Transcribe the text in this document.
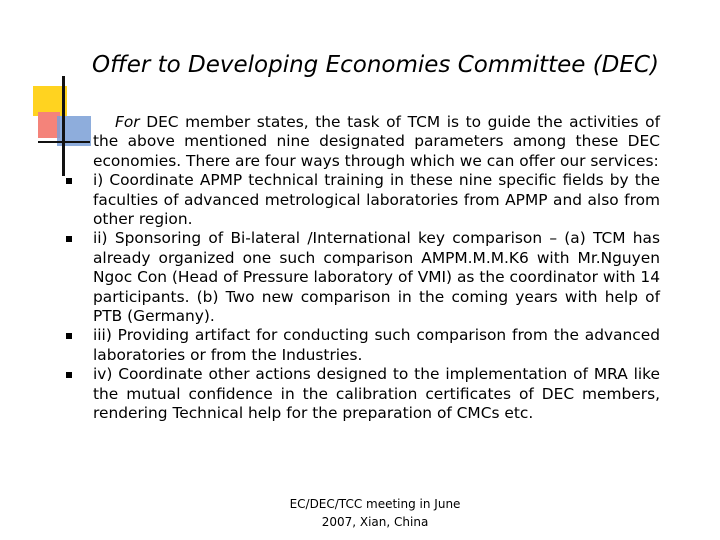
Offer to Developing Economies Committee (DEC)

For DEC member states, the task of TCM is to guide the activities of the above mentioned nine designated parameters among these DEC economies. There are four ways through which we can offer our services:

i) Coordinate APMP technical training in these nine specific fields by the faculties of advanced metrological laboratories from APMP and also from other region.

ii) Sponsoring of Bi-lateral /International key comparison – (a) TCM has already organized one such comparison AMPM.M.M.K6 with Mr.Nguyen Ngoc Con (Head of Pressure laboratory of VMI) as the coordinator with 14 participants. (b) Two new comparison in the coming years with help of PTB (Germany).

iii) Providing artifact for conducting such comparison from the advanced laboratories or from the Industries.

iv) Coordinate other actions designed to the implementation of MRA like the mutual confidence in the calibration certificates of DEC members, rendering Technical help for the preparation of CMCs etc.

EC/DEC/TCC meeting in June
2007, Xian, China
